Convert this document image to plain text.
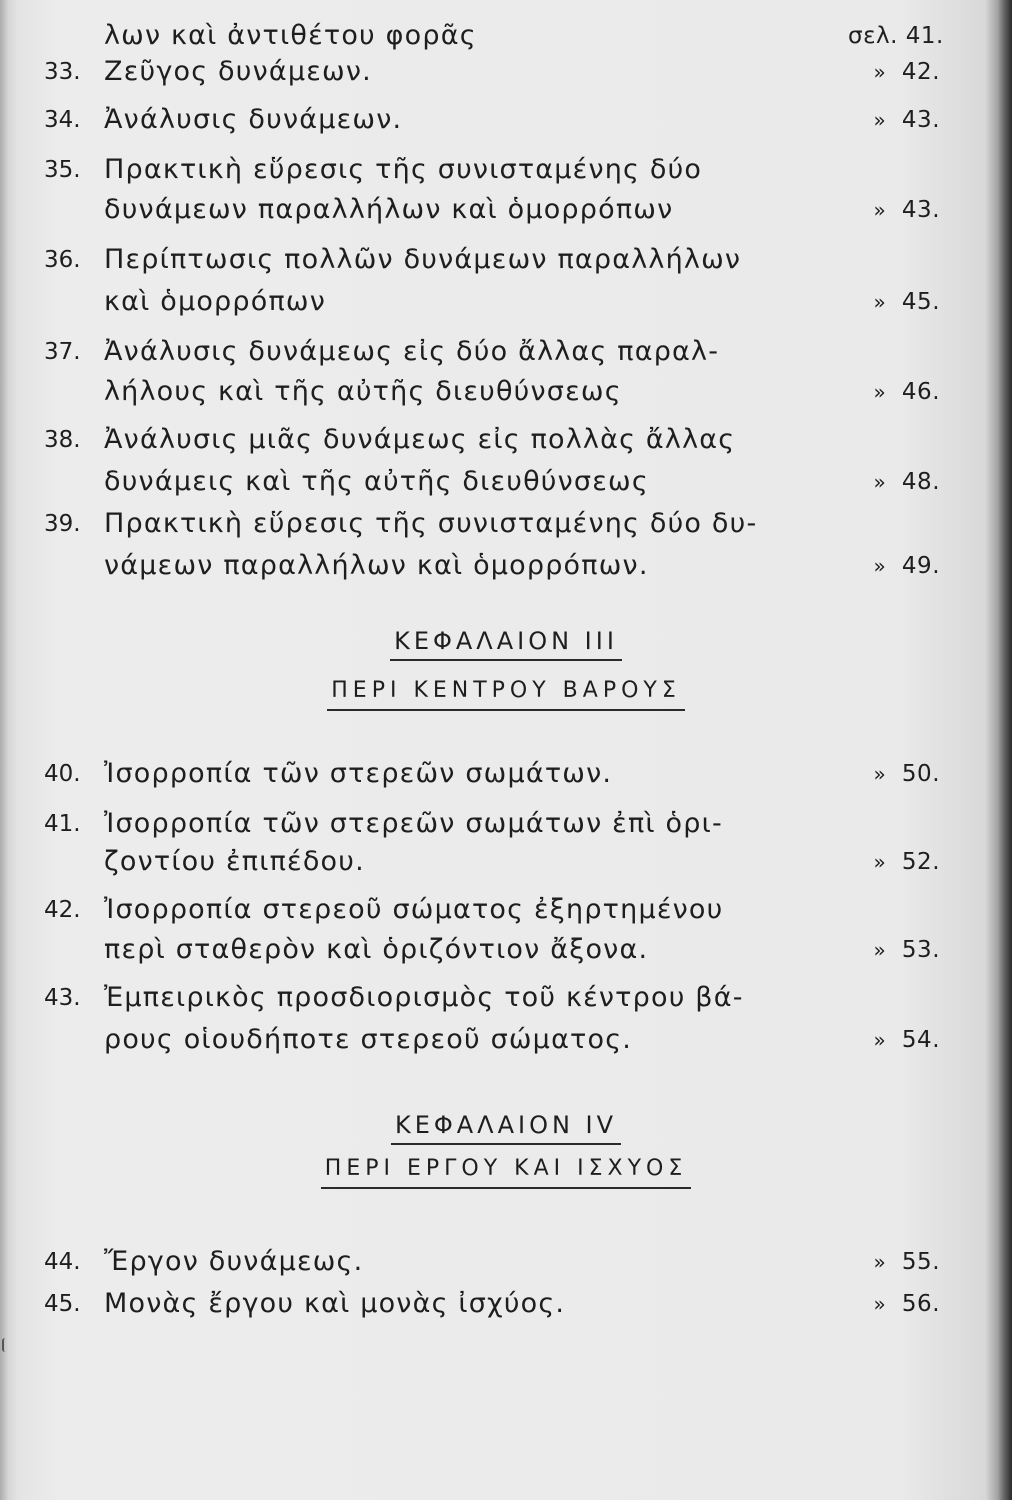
λων καὶ ἀντιθέτου φορᾶς	σελ. 41.
33. Ζεῦγος δυνάμεων.	» 42.
34. Ἀνάλυσις δυνάμεων.	» 43.
35. Πρακτικὴ εὕρεσις τῆς συνισταμένης δύο
δυνάμεων παραλλήλων καὶ ὁμορρόπων	» 43.
36. Περίπτωσις πολλῶν δυνάμεων παραλλήλων
καὶ ὁμορρόπων	» 45.
37. Ἀνάλυσις δυνάμεως εἰς δύο ἄλλας παραλ-
λήλους καὶ τῆς αὐτῆς διευθύνσεως	» 46.
38. Ἀνάλυσις μιᾶς δυνάμεως εἰς πολλὰς ἄλλας
δυνάμεις καὶ τῆς αὐτῆς διευθύνσεως	» 48.
39. Πρακτικὴ εὕρεσις τῆς συνισταμένης δύο δυ-
νάμεων παραλλήλων καὶ ὁμορρόπων.	» 49.
ΚΕΦΑΛΑΙΟΝ ΙΙΙ
ΠΕΡΙ ΚΕΝΤΡΟΥ ΒΑΡΟΥΣ
40. Ἰσορροπία τῶν στερεῶν σωμάτων.	» 50.
41. Ἰσορροπία τῶν στερεῶν σωμάτων ἐπὶ ὁρι-
ζοντίου ἐπιπέδου.	» 52.
42. Ἰσορροπία στερεοῦ σώματος ἐξηρτημένου
περὶ σταθερὸν καὶ ὁριζόντιον ἄξονα.	» 53.
43. Ἐμπειρικὸς προσδιορισμὸς τοῦ κέντρου βά-
ρους οἱουδήποτε στερεοῦ σώματος.	» 54.
ΚΕΦΑΛΑΙΟΝ ΙV
ΠΕΡΙ ΕΡΓΟΥ ΚΑΙ ΙΣΧΥΟΣ
44. Ἔργον δυνάμεως.	» 55.
45. Μονὰς ἔργου καὶ μονὰς ἰσχύος.	» 56.
